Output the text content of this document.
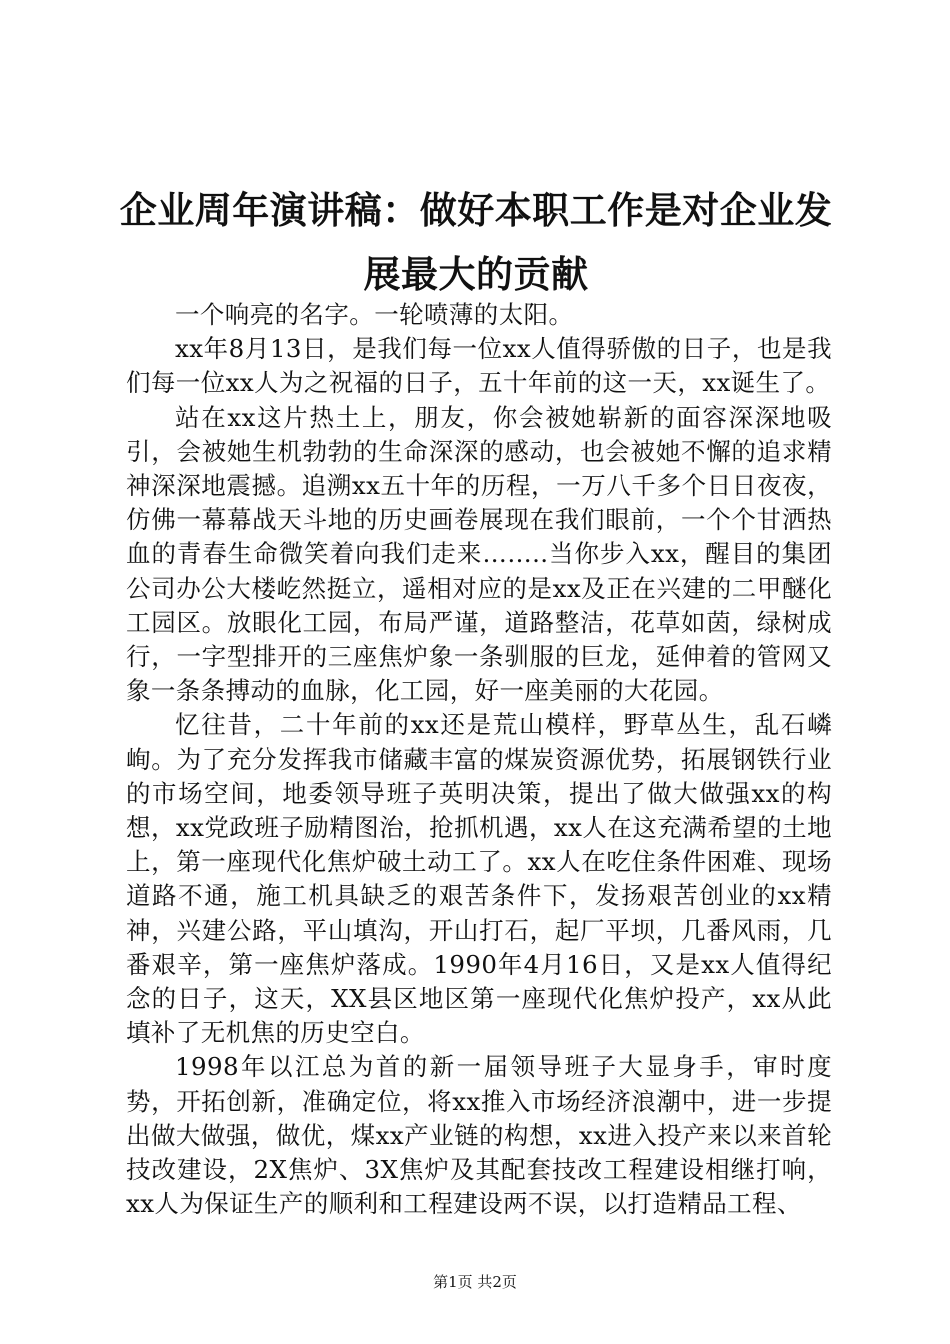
企业周年演讲稿：做好本职工作是对企业发展最大的贡献

一个响亮的名字。一轮喷薄的太阳。

xx年8月13日，是我们每一位xx人值得骄傲的日子，也是我们每一位xx人为之祝福的日子，五十年前的这一天，xx诞生了。

站在xx这片热土上，朋友，你会被她崭新的面容深深地吸引，会被她生机勃勃的生命深深的感动，也会被她不懈的追求精神深深地震撼。追溯xx五十年的历程，一万八千多个日日夜夜，仿佛一幕幕战天斗地的历史画卷展现在我们眼前，一个个甘洒热血的青春生命微笑着向我们走来……..当你步入xx，醒目的集团公司办公大楼屹然挺立，遥相对应的是xx及正在兴建的二甲醚化工园区。放眼化工园，布局严谨，道路整洁，花草如茵，绿树成行，一字型排开的三座焦炉象一条驯服的巨龙，延伸着的管网又象一条条搏动的血脉，化工园，好一座美丽的大花园。

忆往昔，二十年前的xx还是荒山模样，野草丛生，乱石嶙峋。为了充分发挥我市储藏丰富的煤炭资源优势，拓展钢铁行业的市场空间，地委领导班子英明决策，提出了做大做强xx的构想，xx党政班子励精图治，抢抓机遇，xx人在这充满希望的土地上，第一座现代化焦炉破土动工了。xx人在吃住条件困难、现场道路不通，施工机具缺乏的艰苦条件下，发扬艰苦创业的xx精神，兴建公路，平山填沟，开山打石，起厂平坝，几番风雨，几番艰辛，第一座焦炉落成。1990年4月16日，又是xx人值得纪念的日子，这天，XX县区地区第一座现代化焦炉投产，xx从此填补了无机焦的历史空白。

1998年以江总为首的新一届领导班子大显身手，审时度势，开拓创新，准确定位，将xx推入市场经济浪潮中，进一步提出做大做强，做优，煤xx产业链的构想，xx进入投产来以来首轮技改建设，2X焦炉、3X焦炉及其配套技改工程建设相继打响，xx人为保证生产的顺利和工程建设两不误，以打造精品工程、

第1页 共2页
